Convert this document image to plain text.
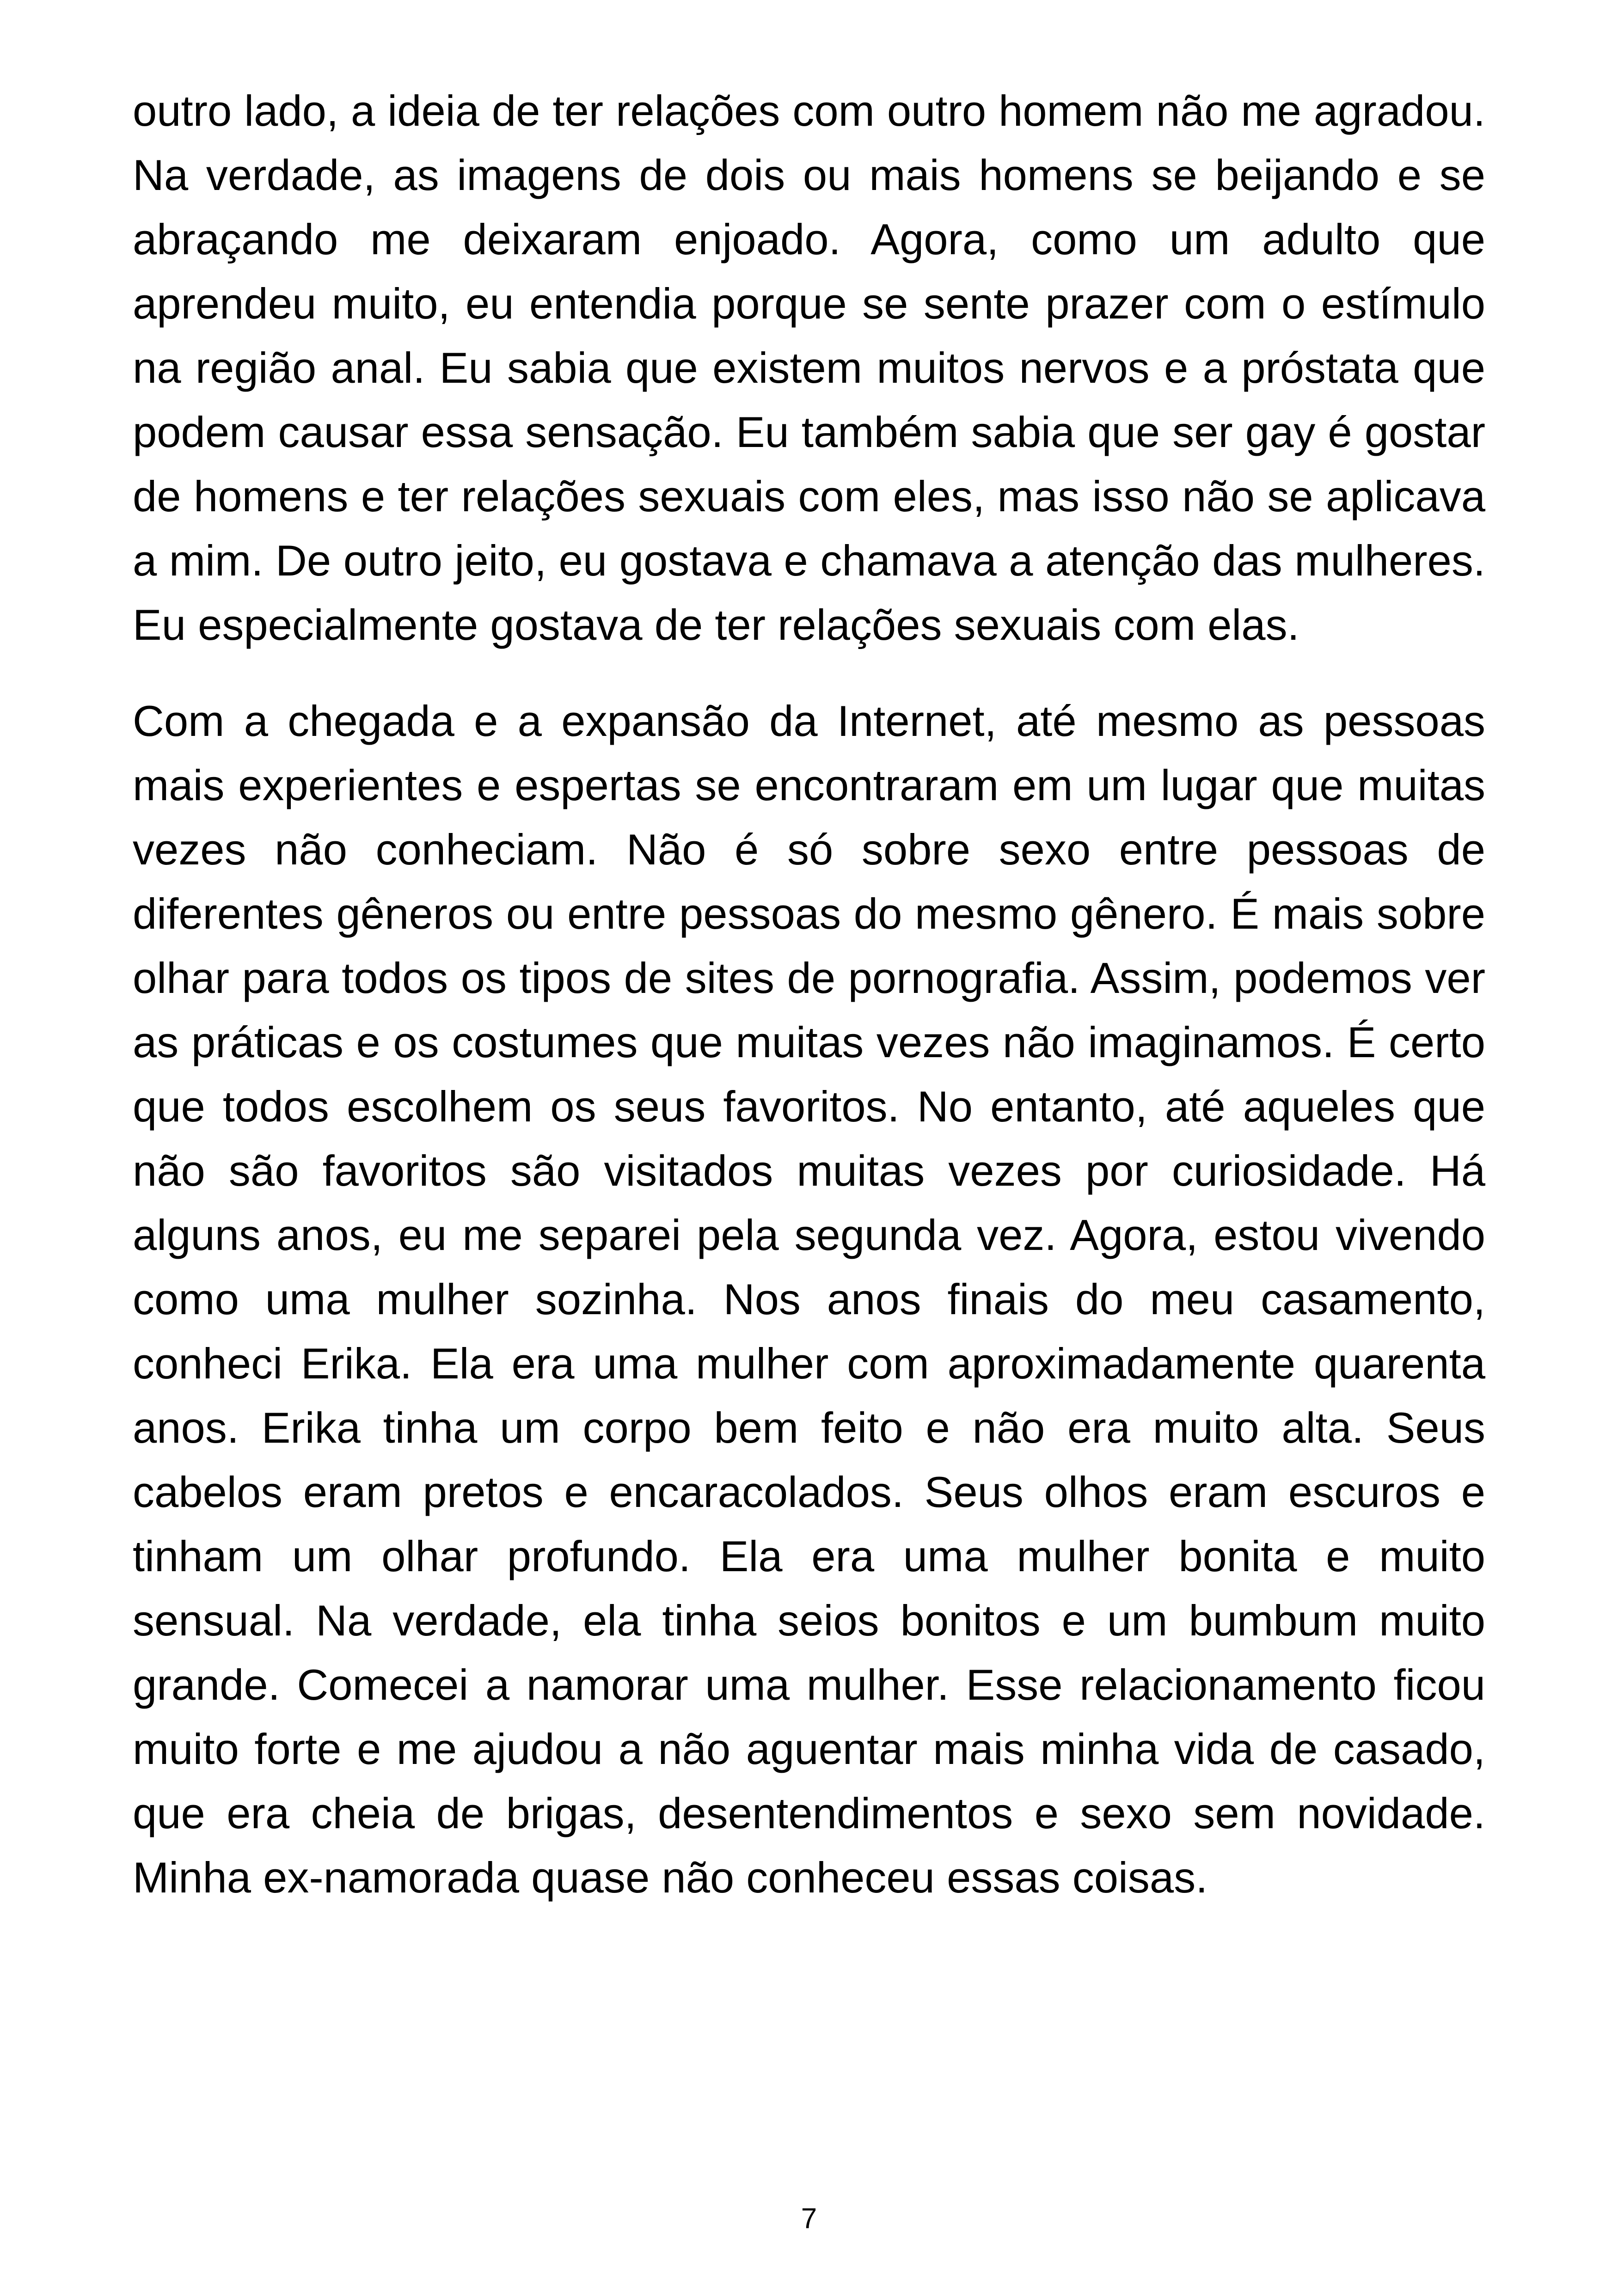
outro lado, a ideia de ter relações com outro homem não me agradou. Na verdade, as imagens de dois ou mais homens se beijando e se abraçando me deixaram enjoado. Agora, como um adulto que aprendeu muito, eu entendia porque se sente prazer com o estímulo na região anal. Eu sabia que existem muitos nervos e a próstata que podem causar essa sensação. Eu também sabia que ser gay é gostar de homens e ter relações sexuais com eles, mas isso não se aplicava a mim. De outro jeito, eu gostava e chamava a atenção das mulheres. Eu especialmente gostava de ter relações sexuais com elas.

Com a chegada e a expansão da Internet, até mesmo as pessoas mais experientes e espertas se encontraram em um lugar que muitas vezes não conheciam. Não é só sobre sexo entre pessoas de diferentes gêneros ou entre pessoas do mesmo gênero. É mais sobre olhar para todos os tipos de sites de pornografia. Assim, podemos ver as práticas e os costumes que muitas vezes não imaginamos. É certo que todos escolhem os seus favoritos. No entanto, até aqueles que não são favoritos são visitados muitas vezes por curiosidade. Há alguns anos, eu me separei pela segunda vez. Agora, estou vivendo como uma mulher sozinha. Nos anos finais do meu casamento, conheci Erika. Ela era uma mulher com aproximadamente quarenta anos. Erika tinha um corpo bem feito e não era muito alta. Seus cabelos eram pretos e encaracolados. Seus olhos eram escuros e tinham um olhar profundo. Ela era uma mulher bonita e muito sensual. Na verdade, ela tinha seios bonitos e um bumbum muito grande. Comecei a namorar uma mulher. Esse relacionamento ficou muito forte e me ajudou a não aguentar mais minha vida de casado, que era cheia de brigas, desentendimentos e sexo sem novidade. Minha ex-namorada quase não conheceu essas coisas.

7
